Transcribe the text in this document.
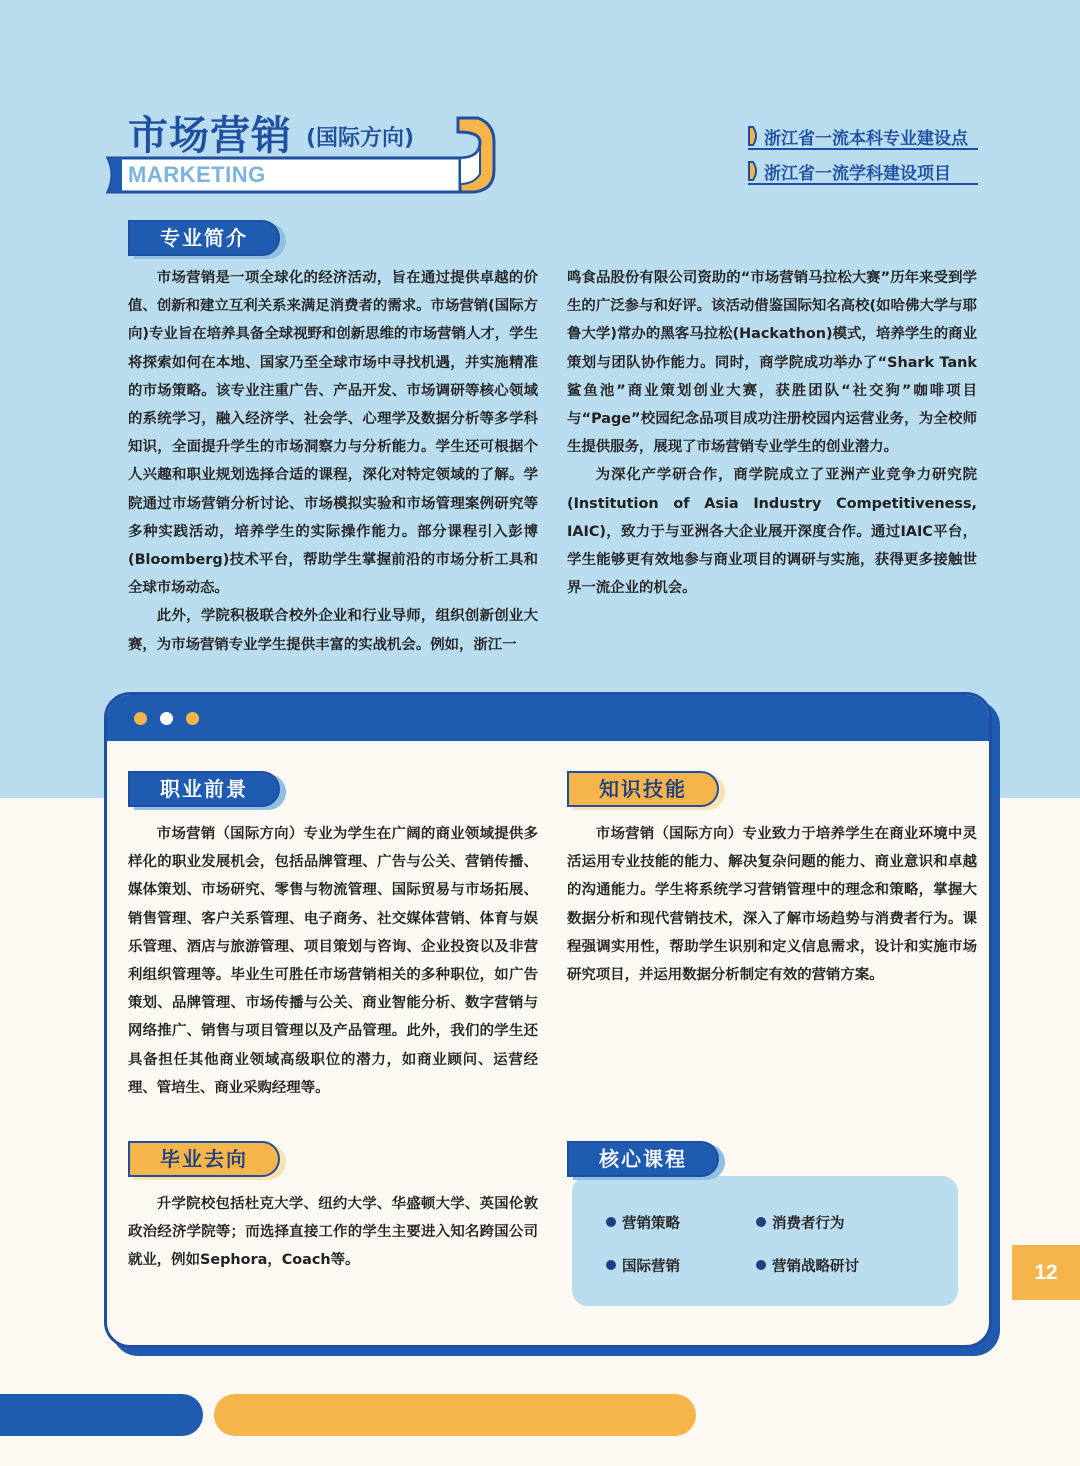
市场营销 (国际方向)
MARKETING
浙江省一流本科专业建设点
浙江省一流学科建设项目
专业简介

市场营销是一项全球化的经济活动，旨在通过提供卓越的价值、创新和建立互利关系来满足消费者的需求。市场营销(国际方向)专业旨在培养具备全球视野和创新思维的市场营销人才，学生将探索如何在本地、国家乃至全球市场中寻找机遇，并实施精准的市场策略。该专业注重广告、产品开发、市场调研等核心领域的系统学习，融入经济学、社会学、心理学及数据分析等多学科知识，全面提升学生的市场洞察力与分析能力。学生还可根据个人兴趣和职业规划选择合适的课程，深化对特定领域的了解。学院通过市场营销分析讨论、市场模拟实验和市场管理案例研究等多种实践活动，培养学生的实际操作能力。部分课程引入彭博(Bloomberg)技术平台，帮助学生掌握前沿的市场分析工具和全球市场动态。

此外，学院积极联合校外企业和行业导师，组织创新创业大赛，为市场营销专业学生提供丰富的实战机会。例如，浙江一

鸣食品股份有限公司资助的“市场营销马拉松大赛”历年来受到学生的广泛参与和好评。该活动借鉴国际知名高校(如哈佛大学与耶鲁大学)常办的黑客马拉松(Hackathon)模式，培养学生的商业策划与团队协作能力。同时，商学院成功举办了“Shark Tank 鲨鱼池”商业策划创业大赛，获胜团队“社交狗”咖啡项目与“Page”校园纪念品项目成功注册校园内运营业务，为全校师生提供服务，展现了市场营销专业学生的创业潜力。

为深化产学研合作，商学院成立了亚洲产业竞争力研究院(Institution of Asia Industry Competitiveness, IAIC)，致力于与亚洲各大企业展开深度合作。通过IAIC平台，学生能够更有效地参与商业项目的调研与实施，获得更多接触世界一流企业的机会。

职业前景

市场营销（国际方向）专业为学生在广阔的商业领域提供多样化的职业发展机会，包括品牌管理、广告与公关、营销传播、媒体策划、市场研究、零售与物流管理、国际贸易与市场拓展、销售管理、客户关系管理、电子商务、社交媒体营销、体育与娱乐管理、酒店与旅游管理、项目策划与咨询、企业投资以及非营利组织管理等。毕业生可胜任市场营销相关的多种职位，如广告策划、品牌管理、市场传播与公关、商业智能分析、数字营销与网络推广、销售与项目管理以及产品管理。此外，我们的学生还具备担任其他商业领域高级职位的潜力，如商业顾问、运营经理、管培生、商业采购经理等。

知识技能

市场营销（国际方向）专业致力于培养学生在商业环境中灵活运用专业技能的能力、解决复杂问题的能力、商业意识和卓越的沟通能力。学生将系统学习营销管理中的理念和策略，掌握大数据分析和现代营销技术，深入了解市场趋势与消费者行为。课程强调实用性，帮助学生识别和定义信息需求，设计和实施市场研究项目，并运用数据分析制定有效的营销方案。

毕业去向

升学院校包括杜克大学、纽约大学、华盛顿大学、英国伦敦政治经济学院等；而选择直接工作的学生主要进入知名跨国公司就业，例如Sephora，Coach等。

营销策略	消费者行为
国际营销	营销战略研讨
核心课程
12
